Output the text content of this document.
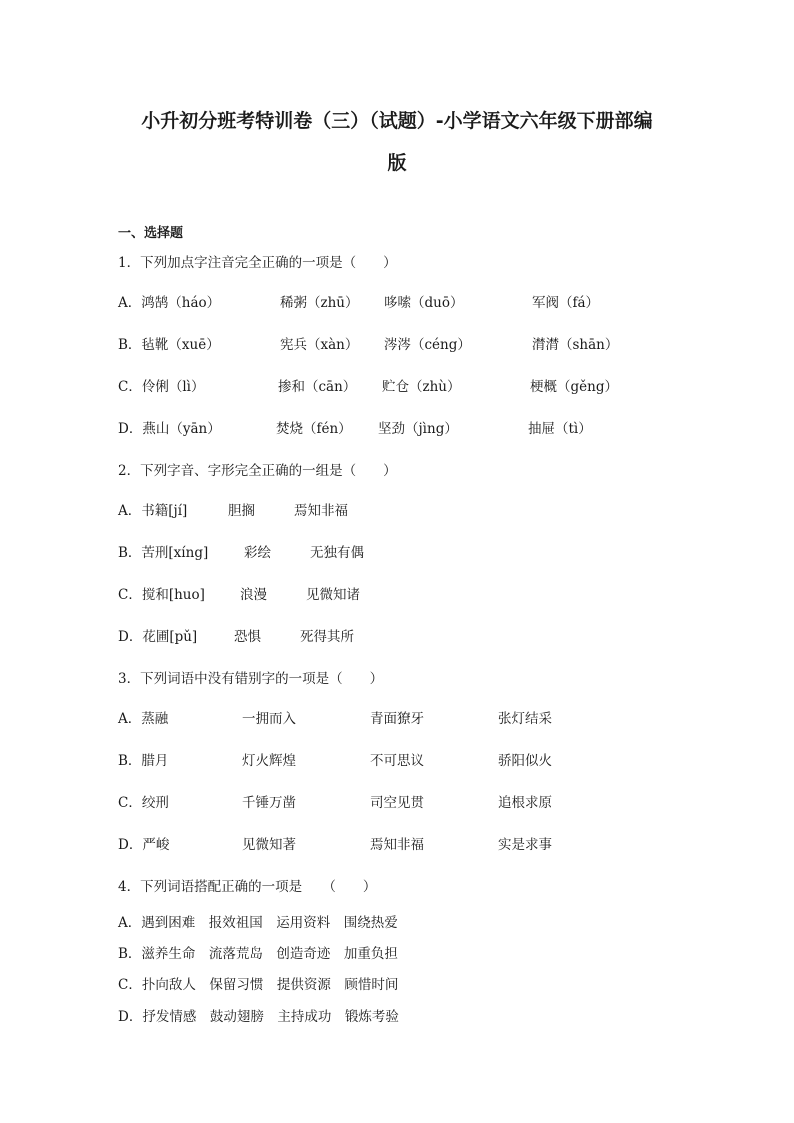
小升初分班考特训卷（三）（试题）-小学语文六年级下册部编
版
一、选择题
1．下列加点字注音完全正确的一项是（　　）
A．鸿鹄（háo）	稀粥（zhū） 哆嗦（duō）	军阀（fá）
B．毡靴（xuē）	宪兵（xàn） 涔涔（céng）	潸潸（shān）
C．伶俐（lì）	掺和（cān） 贮仓（zhù）	梗概（gěng）
D．燕山（yān）	焚烧（fén） 坚劲（jìng）	抽屉（tì）
2．下列字音、字形完全正确的一组是（　　）
A．书籍[jí]	胆搁	焉知非福
B．苦刑[xíng]	彩绘	无独有偶
C．搅和[huo]	浪漫	见微知诸
D．花圃[pǔ]	恐惧	死得其所
3．下列词语中没有错别字的一项是（　　）
A．蒸融	一拥而入	青面獠牙	张灯结采
B．腊月	灯火辉煌	不可思议	骄阳似火
C．绞刑	千锤万凿	司空见贯	追根求原
D．严峻	见微知著	焉知非福	实是求事
4．下列词语搭配正确的一项是　　（　　）
A．遇到困难　报效祖国　运用资料　围绕热爱
B．滋养生命　流落荒岛　创造奇迹　加重负担
C．扑向敌人　保留习惯　提供资源　顾惜时间
D．抒发情感　鼓动翅膀　主持成功　锻炼考验
